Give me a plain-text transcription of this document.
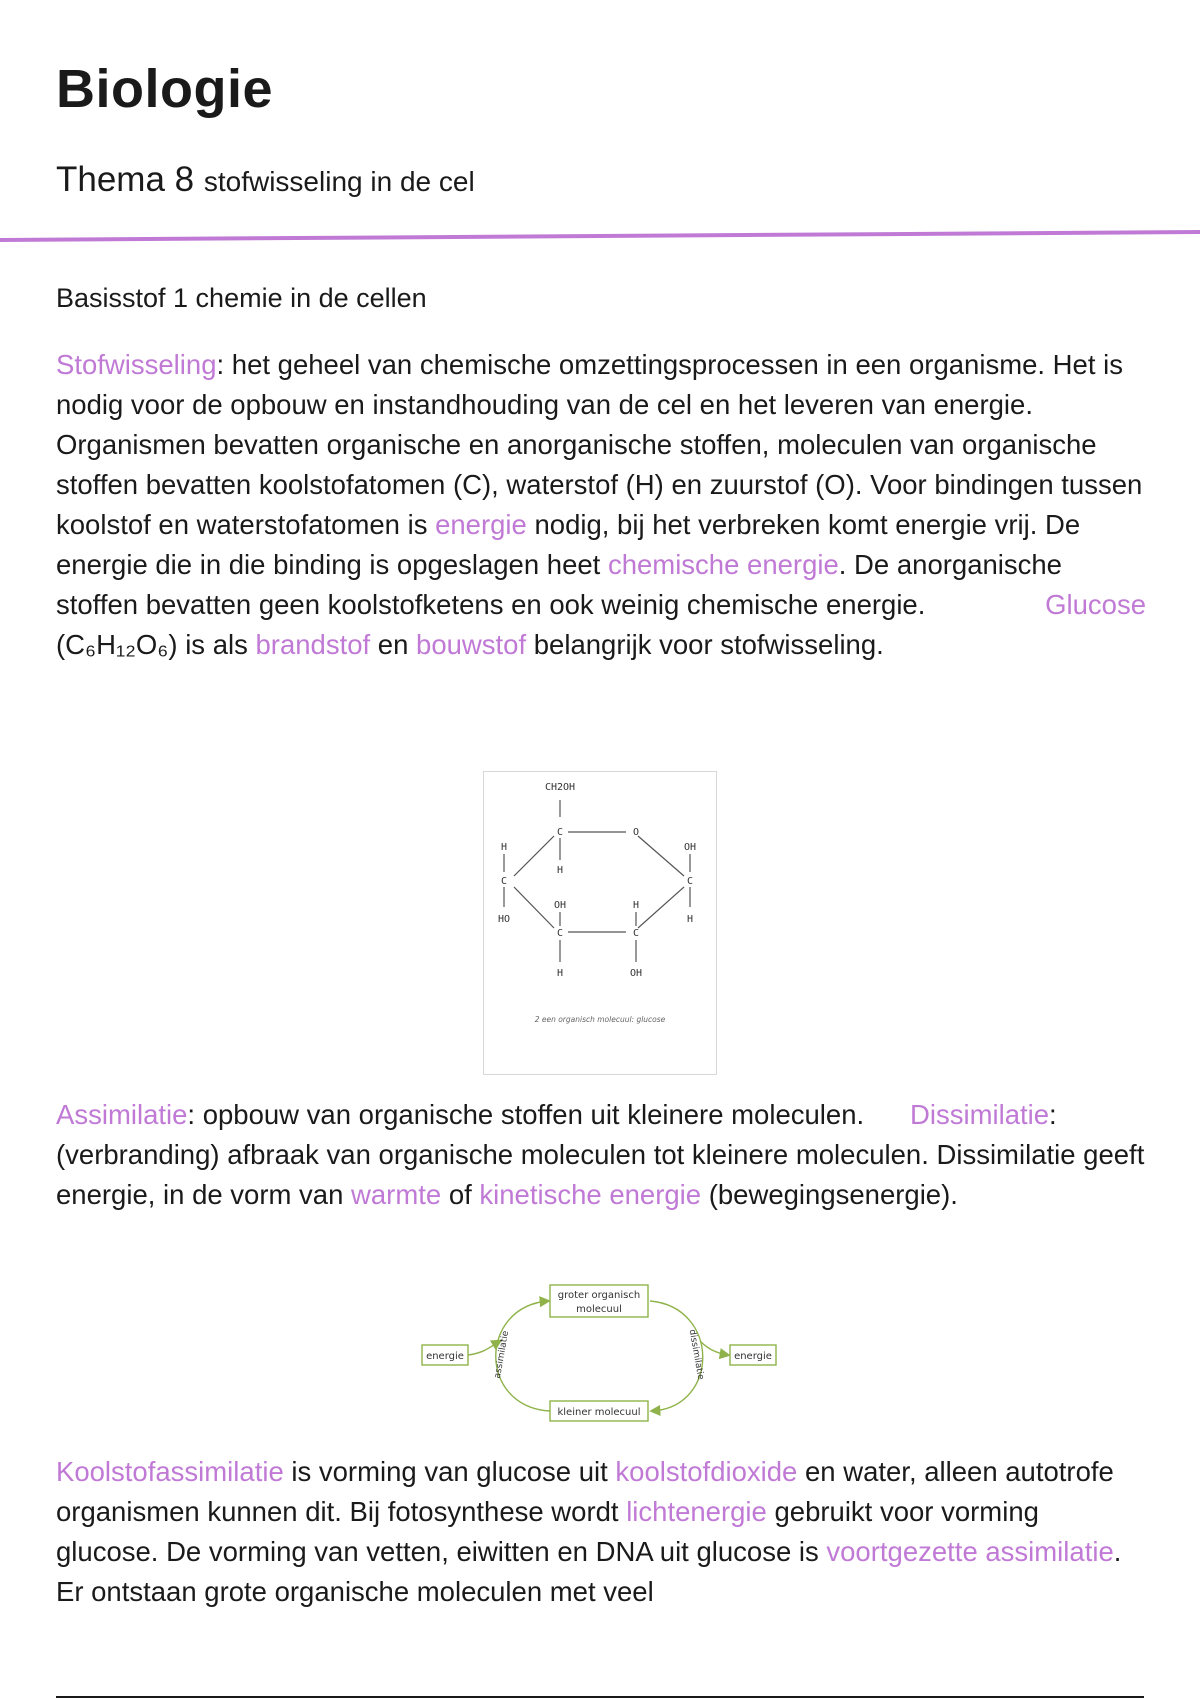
Biologie
Thema 8 stofwisseling in de cel
Basisstof 1 chemie in de cellen
Stofwisseling: het geheel van chemische omzettingsprocessen in een organisme. Het is nodig voor de opbouw en instandhouding van de cel en het leveren van energie.
Organismen bevatten organische en anorganische stoffen, moleculen van organische stoffen bevatten koolstofatomen (C), waterstof (H) en zuurstof (O). Voor bindingen tussen koolstof en waterstofatomen is energie nodig, bij het verbreken komt energie vrij. De energie die in die binding is opgeslagen heet chemische energie. De anorganische stoffen bevatten geen koolstofketens en ook weinig chemische energie.	Glucose

(C₆H₁₂O₆) is als brandstof en bouwstof belangrijk voor stofwisseling.
CH2OH
C	O
H
H
C
HO
OH
C
H
OH	H
C	C
H	OH
2 een organisch molecuul: glucose
Assimilatie: opbouw van organische stoffen uit kleinere moleculen. Dissimilatie: (verbranding) afbraak van organische moleculen tot kleinere moleculen. Dissimilatie geeft energie, in de vorm van warmte of kinetische energie (bewegingsenergie).
groter organisch
molecuul
kleiner molecuul
energie	energie
assimilatie	dissimilatie
Koolstofassimilatie is vorming van glucose uit koolstofdioxide en water, alleen autotrofe organismen kunnen dit. Bij fotosynthese wordt lichtenergie gebruikt voor vorming glucose. De vorming van vetten, eiwitten en DNA uit glucose is voortgezette assimilatie. Er ontstaan grote organische moleculen met veel
